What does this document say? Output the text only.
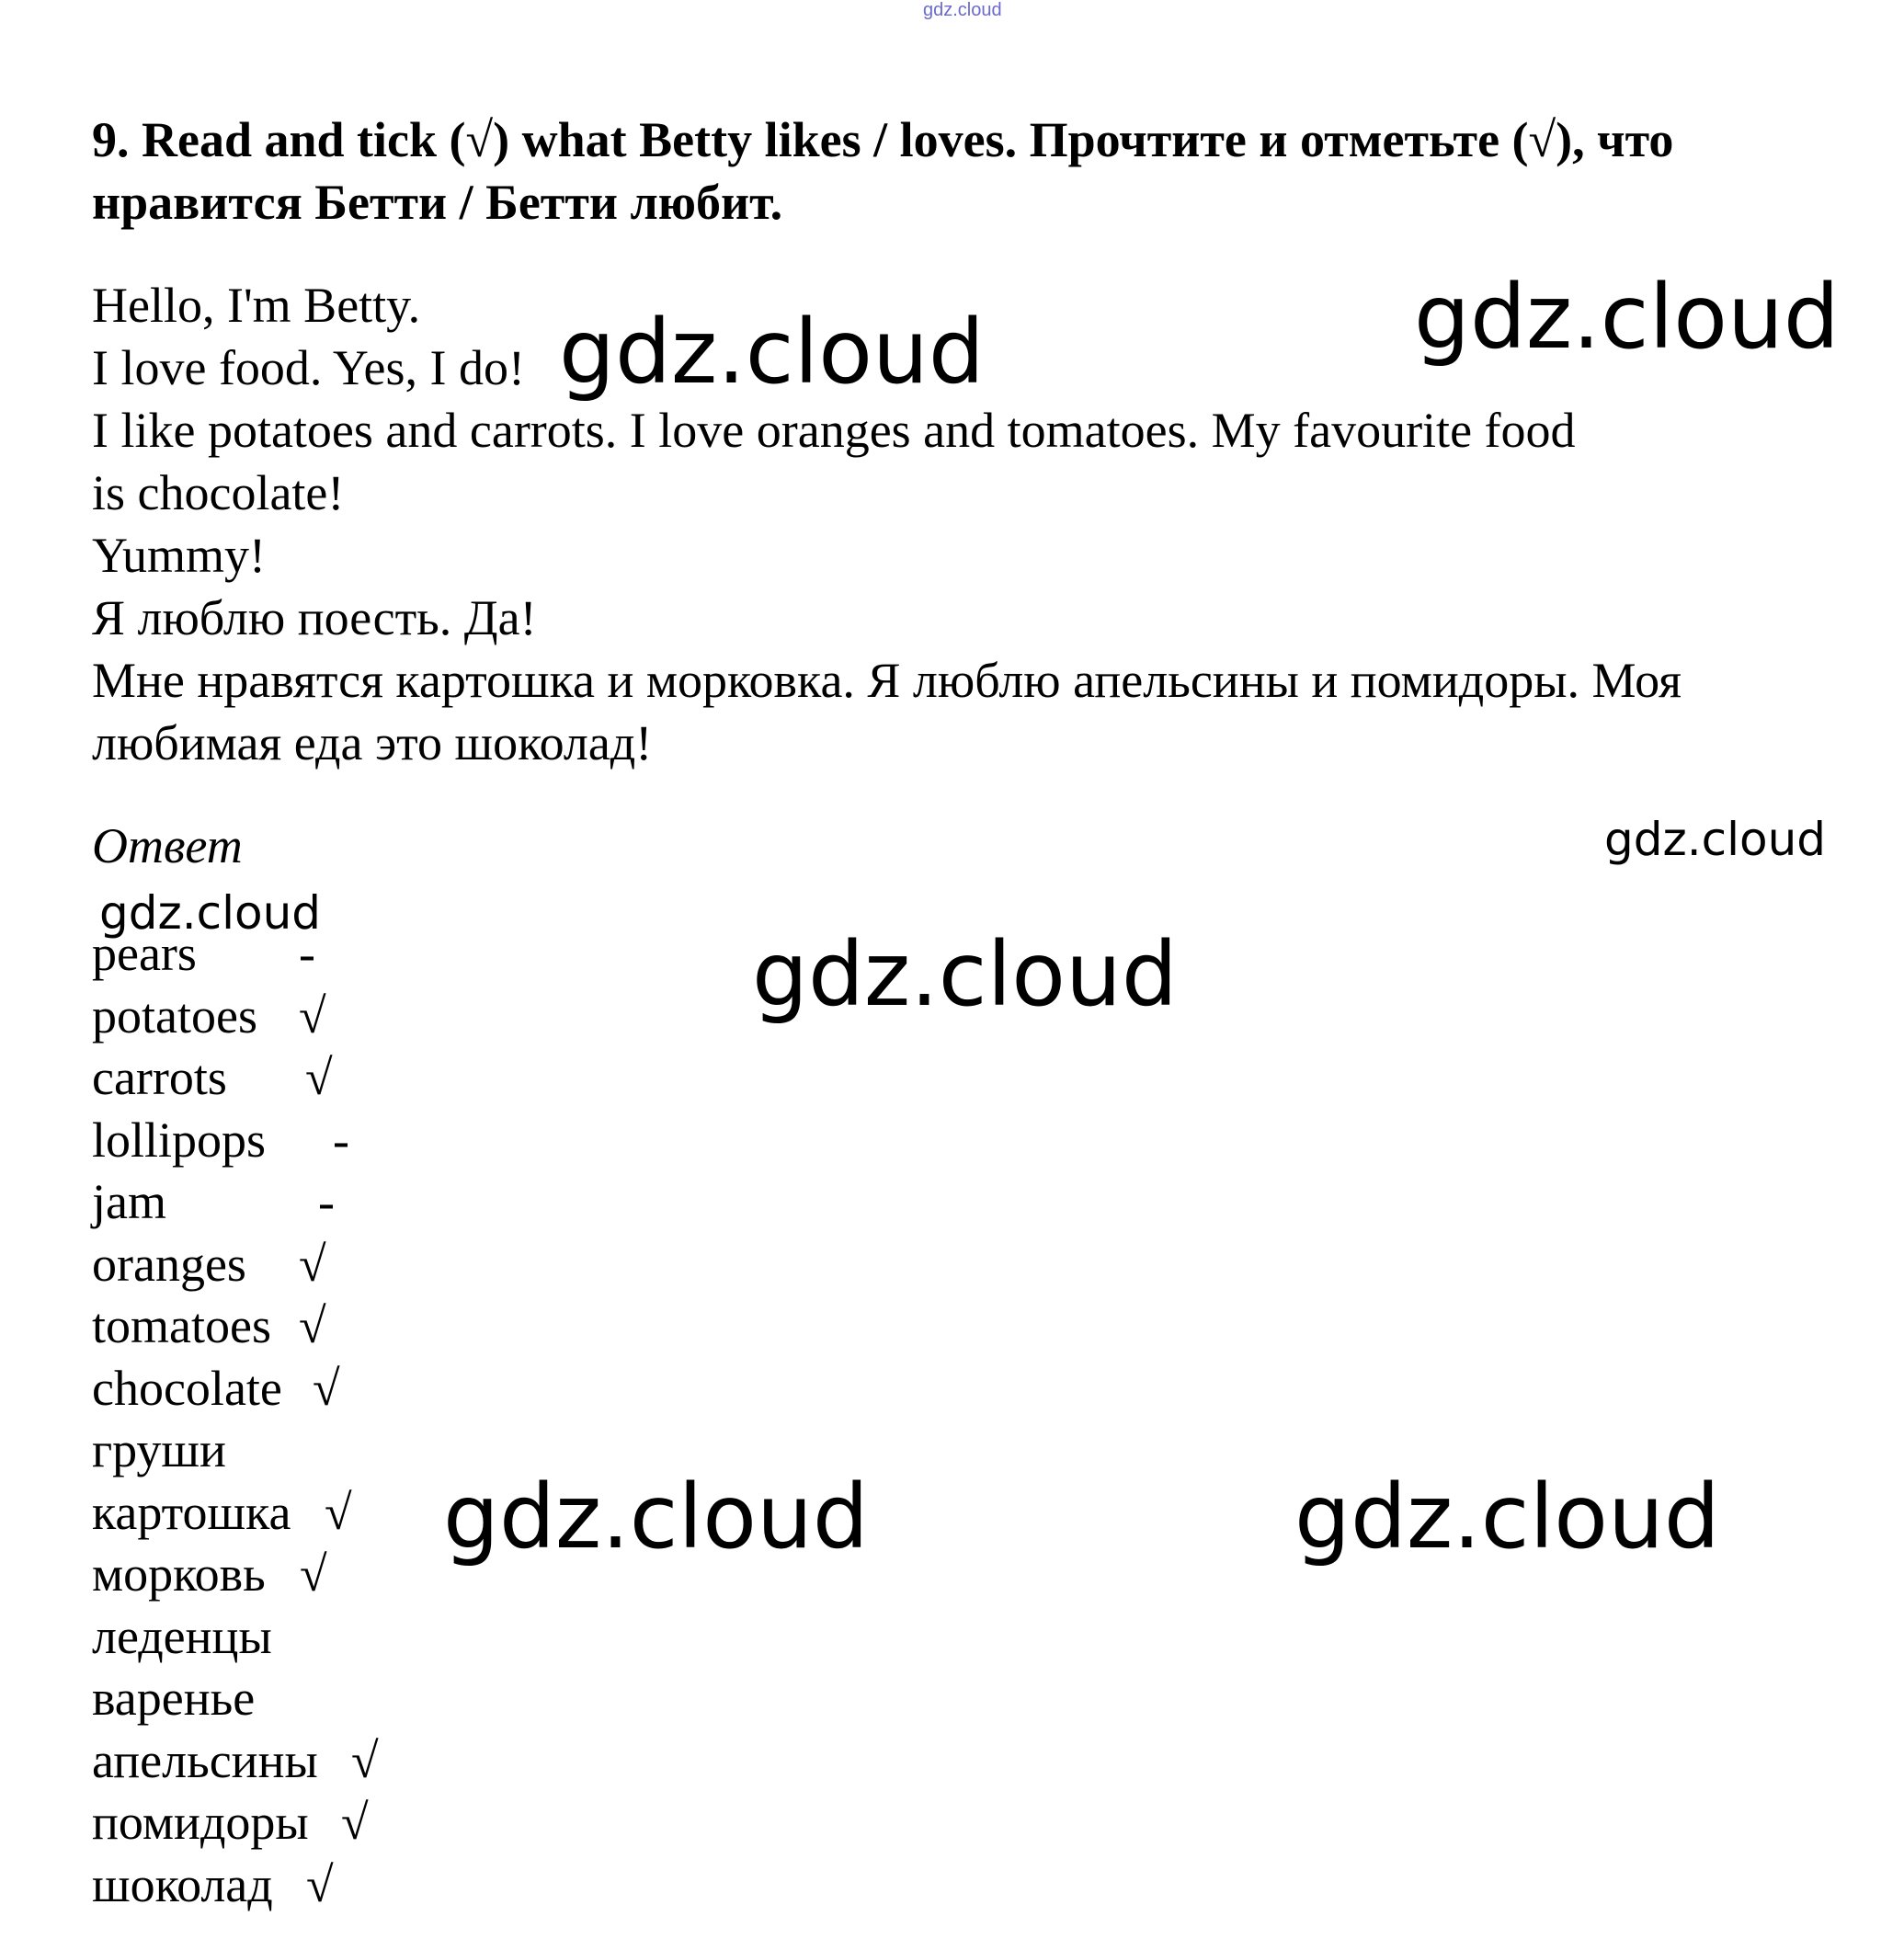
gdz.cloud
9. Read and tick (√) what Betty likes / loves. Прочтите и отметьте (√), что нравится Бетти / Бетти любит.
Hello, I'm Betty.
I love food. Yes, I do!
I like potatoes and carrots. I love oranges and tomatoes. My favourite food
is chocolate!
Yummy!
Я люблю поесть. Да!
Мне нравятся картошка и морковка. Я люблю апельсины и помидоры. Моя
любимая еда это шоколад!
Ответ
pears -
potatoes √
carrots √
lollipops -
jam	-
oranges √
tomatoes √
chocolate √
груши
картошка √
морковь √
леденцы
варенье
апельсины √
помидоры √
шоколад √
gdz.cloud	gdz.cloud
gdz.cloud
gdz.cloud
gdz.cloud
gdz.cloud	gdz.cloud
